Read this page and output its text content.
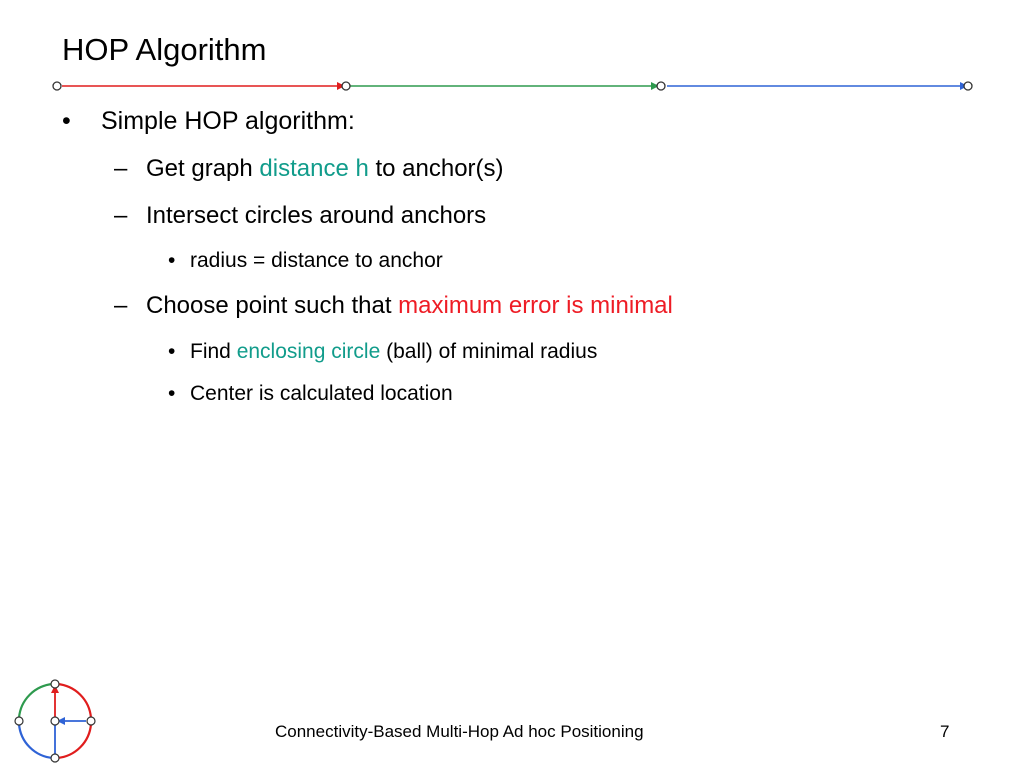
HOP Algorithm
• Simple HOP algorithm:
– Get graph distance h to anchor(s)
– Intersect circles around anchors
• radius = distance to anchor
– Choose point such that maximum error is minimal
• Find enclosing circle (ball) of minimal radius
• Center is calculated location
Connectivity-Based Multi-Hop Ad hoc Positioning	7
